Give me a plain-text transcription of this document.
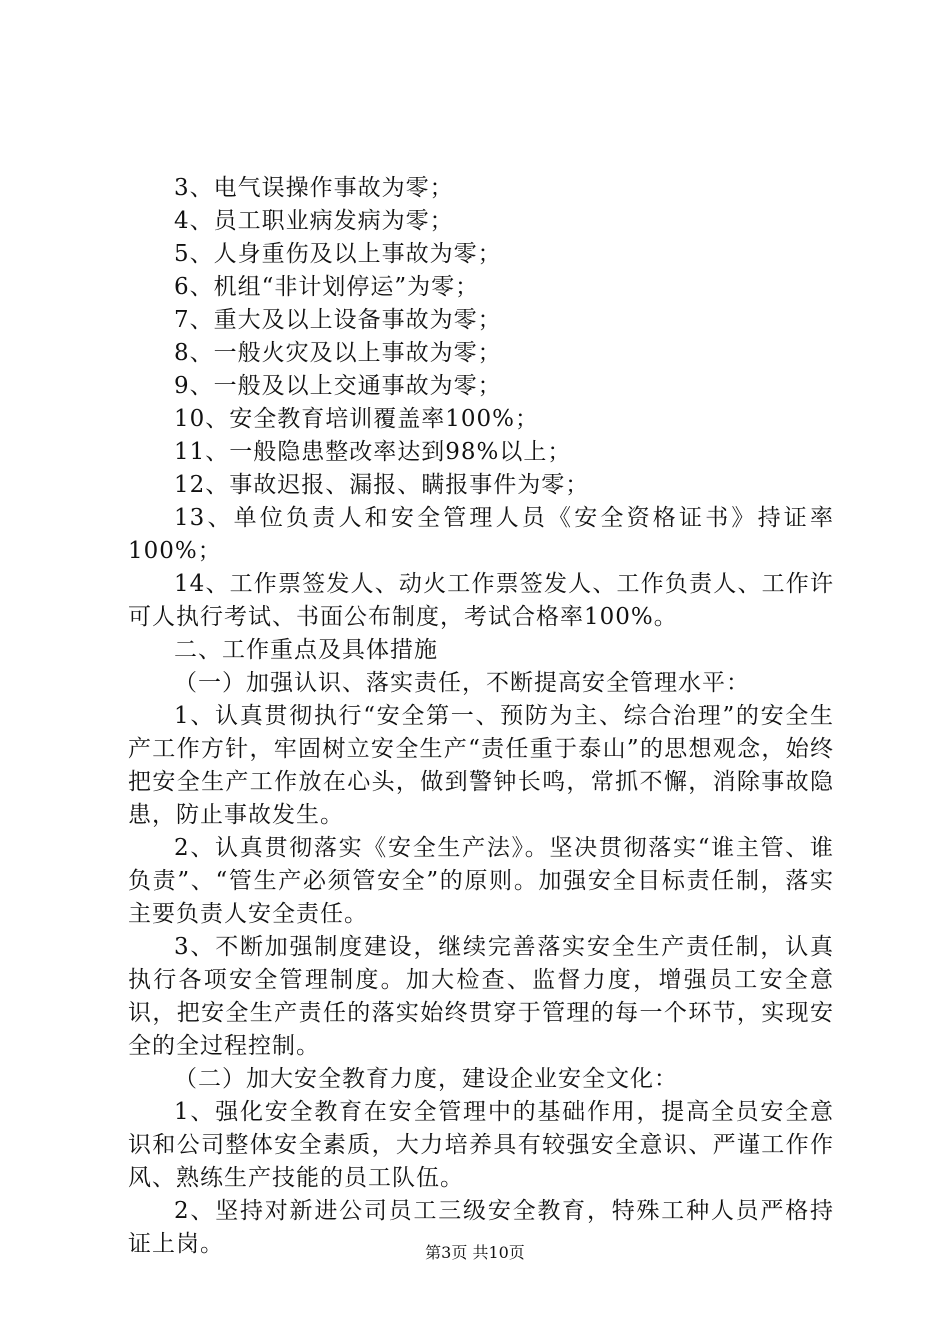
3、电气误操作事故为零；

4、员工职业病发病为零；

5、人身重伤及以上事故为零；

6、机组“非计划停运”为零；

7、重大及以上设备事故为零；

8、一般火灾及以上事故为零；

9、一般及以上交通事故为零；

10、安全教育培训覆盖率100%；

11、一般隐患整改率达到98%以上；

12、事故迟报、漏报、瞒报事件为零；

13、单位负责人和安全管理人员《安全资格证书》持证率100%；

14、工作票签发人、动火工作票签发人、工作负责人、工作许可人执行考试、书面公布制度，考试合格率100%。

二、工作重点及具体措施

（一）加强认识、落实责任，不断提高安全管理水平：

1、认真贯彻执行“安全第一、预防为主、综合治理”的安全生产工作方针，牢固树立安全生产“责任重于泰山”的思想观念，始终把安全生产工作放在心头，做到警钟长鸣，常抓不懈，消除事故隐患，防止事故发生。

2、认真贯彻落实《安全生产法》。坚决贯彻落实“谁主管、谁负责”、“管生产必须管安全”的原则。加强安全目标责任制，落实主要负责人安全责任。

3、不断加强制度建设，继续完善落实安全生产责任制，认真执行各项安全管理制度。加大检查、监督力度，增强员工安全意识，把安全生产责任的落实始终贯穿于管理的每一个环节，实现安全的全过程控制。

（二）加大安全教育力度，建设企业安全文化：

1、强化安全教育在安全管理中的基础作用，提高全员安全意识和公司整体安全素质，大力培养具有较强安全意识、严谨工作作风、熟练生产技能的员工队伍。

2、坚持对新进公司员工三级安全教育，特殊工种人员严格持证上岗。	第3页 共10页
